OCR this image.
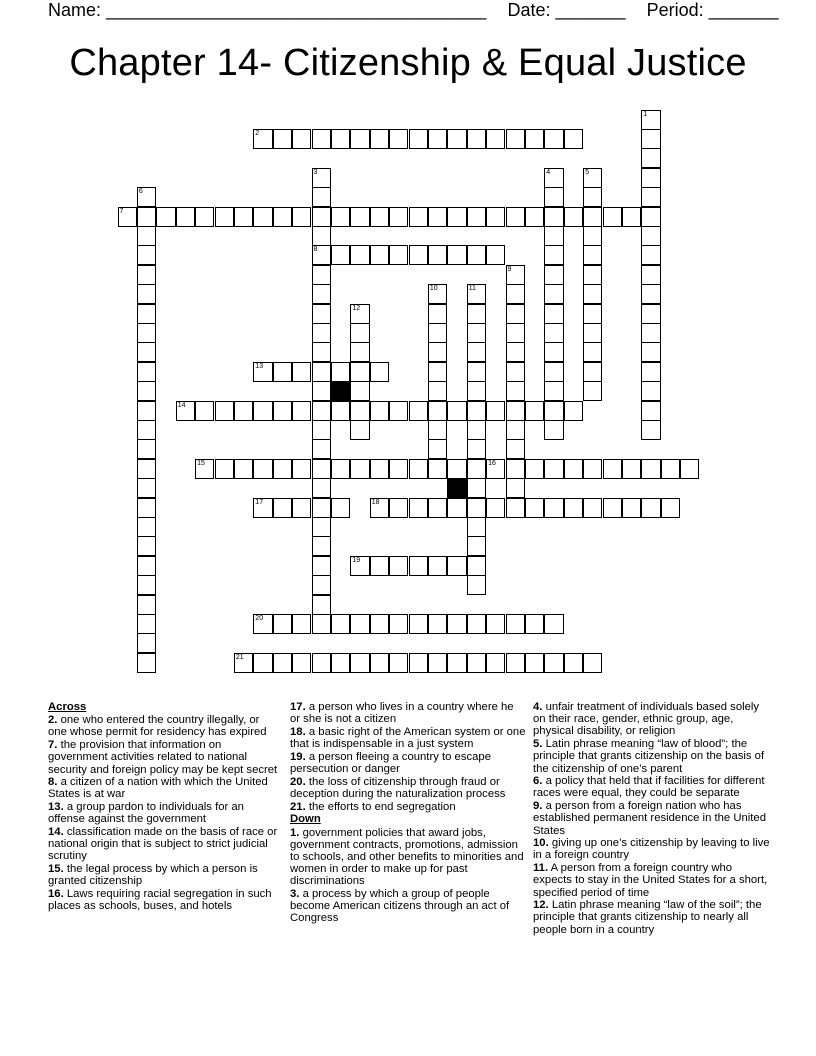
Name: ______________________________________ Date: _______ Period: _______
Chapter 14- Citizenship & Equal Justice
1
2
3
8
4	5
6
7
9
10	11
12
13
14
15	16
17	18
19
20
21
Across
2. one who entered the country illegally, or one whose permit for residency has expired
7. the provision that information on government activities related to national security and foreign policy may be kept secret
8. a citizen of a nation with which the United States is at war
13. a group pardon to individuals for an offense against the government
14. classification made on the basis of race or national origin that is subject to strict judicial scrutiny
15. the legal process by which a person is granted citizenship
16. Laws requiring racial segregation in such places as schools, buses, and hotels
17. a person who lives in a country where he or she is not a citizen
18. a basic right of the American system or one that is indispensable in a just system
19. a person fleeing a country to escape persecution or danger
20. the loss of citizenship through fraud or deception during the naturalization process
21. the efforts to end segregation
Down
1. government policies that award jobs, government contracts, promotions, admission to schools, and other benefits to minorities and women in order to make up for past discriminations
3. a process by which a group of people become American citizens through an act of Congress
4. unfair treatment of individuals based solely on their race, gender, ethnic group, age, physical disability, or religion
5. Latin phrase meaning “law of blood”; the principle that grants citizenship on the basis of the citizenship of one’s parent
6. a policy that held that if facilities for different races were equal, they could be separate
9. a person from a foreign nation who has established permanent residence in the United States
10. giving up one’s citizenship by leaving to live in a foreign country
11. A person from a foreign country who expects to stay in the United States for a short, specified period of time
12. Latin phrase meaning “law of the soil”; the principle that grants citizenship to nearly all people born in a country
